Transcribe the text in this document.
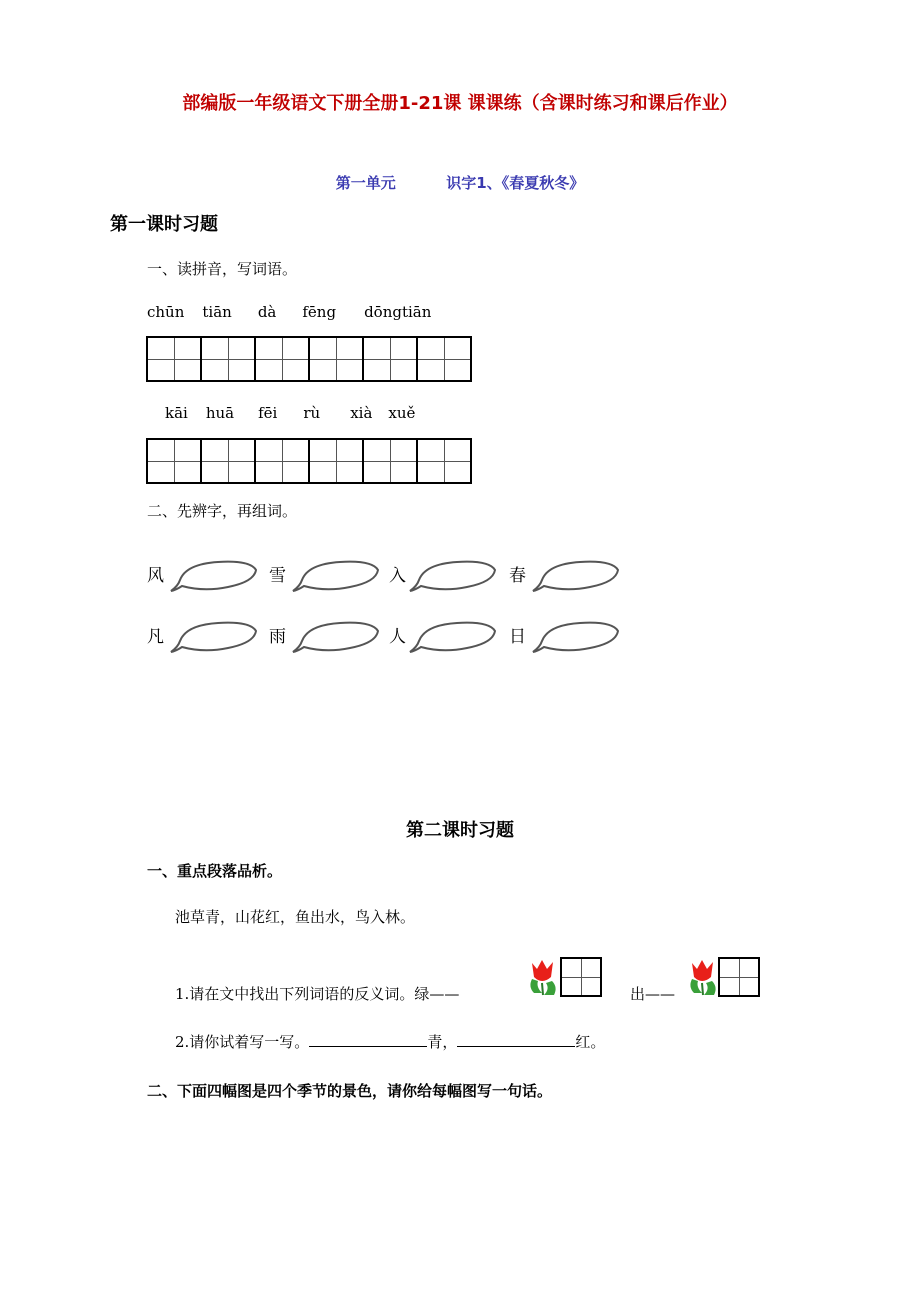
部编版一年级语文下册全册1-21课 课课练（含课时练习和课后作业）
第一单元	识字1、《春夏秋冬》
第一课时习题
一、读拼音，写词语。
chūn tiān dà fēng dōngtiān
kāi huā fēi rù xià xuě
二、先辨字，再组词。
风	雪	入	春
凡	雨	人	日
第二课时习题
一、重点段落品析。
池草青，山花红，鱼出水，鸟入林。
1.请在文中找出下列词语的反义词。绿——	出——
2.请你试着写一写。	青，	红。
二、下面四幅图是四个季节的景色，请你给每幅图写一句话。
